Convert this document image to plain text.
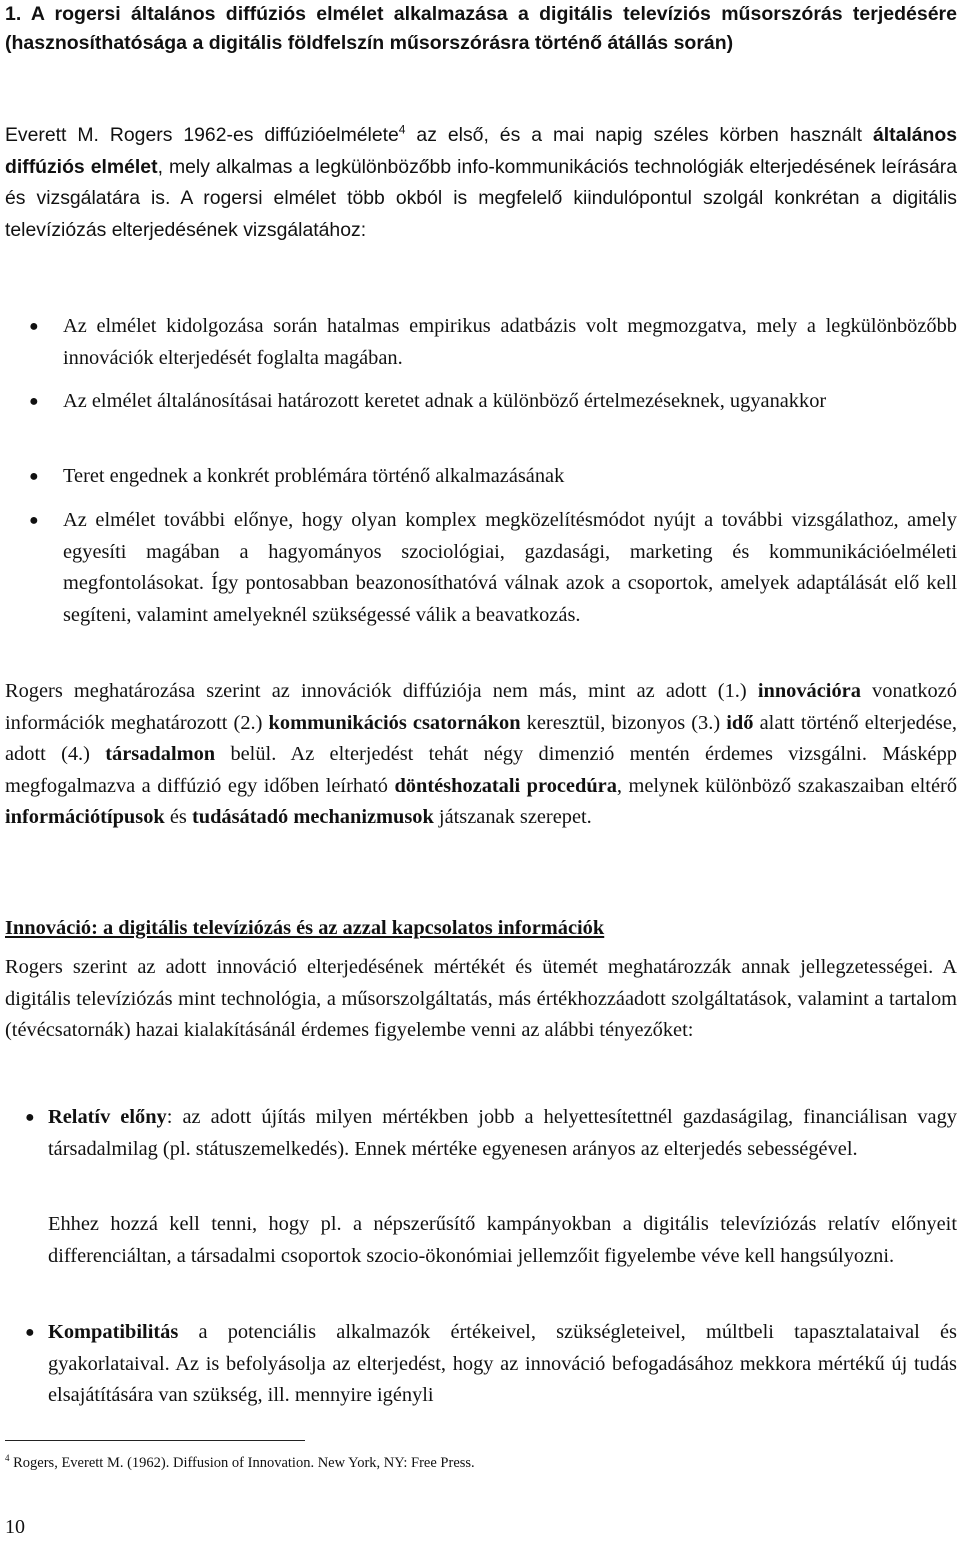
1. A rogersi általános diffúziós elmélet alkalmazása a digitális televíziós műsorszórás terjedésére (hasznosíthatósága a digitális földfelszín műsorszórásra történő átállás során)

Everett M. Rogers 1962-es diffúzióelmélete$^4$ az első, és a mai napig széles körben használt általános diffúziós elmélet, mely alkalmas a legkülönbözőbb info-kommunikációs technológiák elterjedésének leírására és vizsgálatára is. A rogersi elmélet több okból is megfelelő kiindulópontul szolgál konkrétan a digitális televíziózás elterjedésének vizsgálatához:

● Az elmélet kidolgozása során hatalmas empirikus adatbázis volt megmozgatva, mely a legkülönbözőbb innovációk elterjedését foglalta magában.
● Az elmélet általánosításai határozott keretet adnak a különböző értelmezéseknek, ugyanakkor
● Teret engednek a konkrét problémára történő alkalmazásának
● Az elmélet további előnye, hogy olyan komplex megközelítésmódot nyújt a további vizsgálathoz, amely egyesíti magában a hagyományos szociológiai, gazdasági, marketing és kommunikációelméleti megfontolásokat. Így pontosabban beazonosíthatóvá válnak azok a csoportok, amelyek adaptálását elő kell segíteni, valamint amelyeknél szükségessé válik a beavatkozás.

Rogers meghatározása szerint az innovációk diffúziója nem más, mint az adott (1.) innovációra vonatkozó információk meghatározott (2.) kommunikációs csatornákon keresztül, bizonyos (3.) idő alatt történő elterjedése, adott (4.) társadalmon belül. Az elterjedést tehát négy dimenzió mentén érdemes vizsgálni. Másképp megfogalmazva a diffúzió egy időben leírható döntéshozatali procedúra, melynek különböző szakaszaiban eltérő információtípusok és tudásátadó mechanizmusok játszanak szerepet.

Innováció: a digitális televíziózás és az azzal kapcsolatos információk

Rogers szerint az adott innováció elterjedésének mértékét és ütemét meghatározzák annak jellegzetességei. A digitális televíziózás mint technológia, a műsorszolgáltatás, más értékhozzáadott szolgáltatások, valamint a tartalom (tévécsatornák) hazai kialakításánál érdemes figyelembe venni az alábbi tényezőket:

● Relatív előny: az adott újítás milyen mértékben jobb a helyettesítettnél gazdaságilag, financiálisan vagy társadalmilag (pl. státuszemelkedés). Ennek mértéke egyenesen arányos az elterjedés sebességével.
Ehhez hozzá kell tenni, hogy pl. a népszerűsítő kampányokban a digitális televíziózás relatív előnyeit differenciáltan, a társadalmi csoportok szocio-ökonómiai jellemzőit figyelembe véve kell hangsúlyozni.
● Kompatibilitás a potenciális alkalmazók értékeivel, szükségleteivel, múltbeli tapasztalataival és gyakorlataival. Az is befolyásolja az elterjedést, hogy az innováció befogadásához mekkora mértékű új tudás elsajátítására van szükség, ill. mennyire igényli
$^4$ Rogers, Everett M. (1962). Diffusion of Innovation. New York, NY: Free Press.
10
